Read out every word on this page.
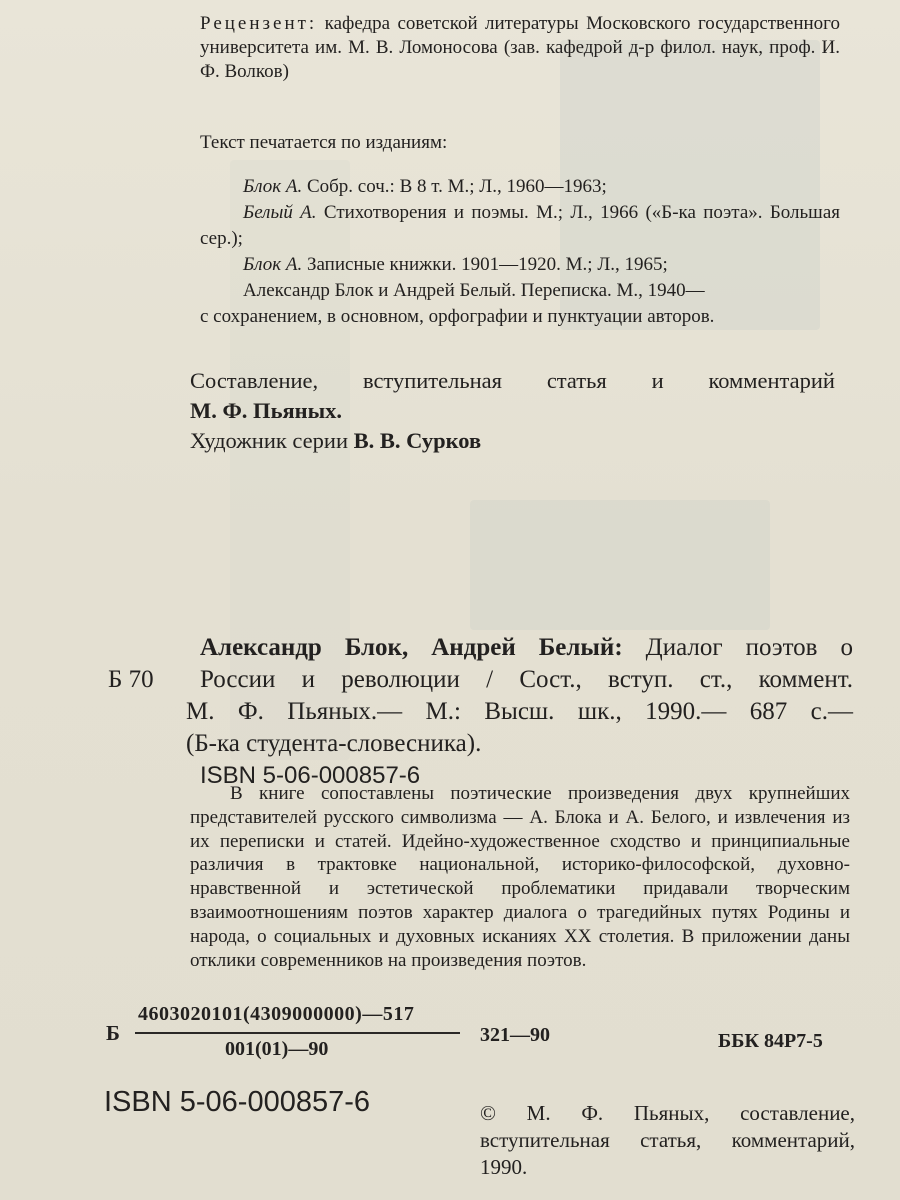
Рецензент: кафедра советской литературы Московского государственного университета им. М. В. Ломоносова (зав. кафедрой д-р филол. наук, проф. И. Ф. Волков)

Текст печатается по изданиям:

Блок А. Собр. соч.: В 8 т. М.; Л., 1960—1963;

Белый А. Стихотворения и поэмы. М.; Л., 1966 («Б-ка поэта». Большая сер.);

Блок А. Записные книжки. 1901—1920. М.; Л., 1965;

Александр Блок и Андрей Белый. Переписка. М., 1940—

с сохранением, в основном, орфографии и пунктуации авторов.

Составление, вступительная статья и комментарий
М. Ф. Пьяных.

Художник серии В. В. Сурков

Александр Блок, Андрей Белый: Диалог поэтов о
Б 70	России и революции / Сост., вступ. ст., коммент.
М. Ф. Пьяных.— М.: Высш. шк., 1990.— 687 с.—
(Б-ка студента-словесника).
ISBN 5-06-000857-6

В книге сопоставлены поэтические произведения двух крупнейших представителей русского символизма — А. Блока и А. Белого, и извлечения из их переписки и статей. Идейно-художественное сходство и принципиальные различия в трактовке национальной, историко-философской, духовно-нравственной и эстетической проблематики придавали творческим взаимоотношениям поэтов характер диалога о трагедийных путях Родины и народа, о социальных и духовных исканиях XX столетия. В приложении даны отклики современников на произведения поэтов.

Б
4603020101(4309000000)—517
001(01)—90
321—90	ББК 84Р7-5
ISBN 5-06-000857-6	© М. Ф. Пьяных, составление, вступительная статья, комментарий, 1990.
